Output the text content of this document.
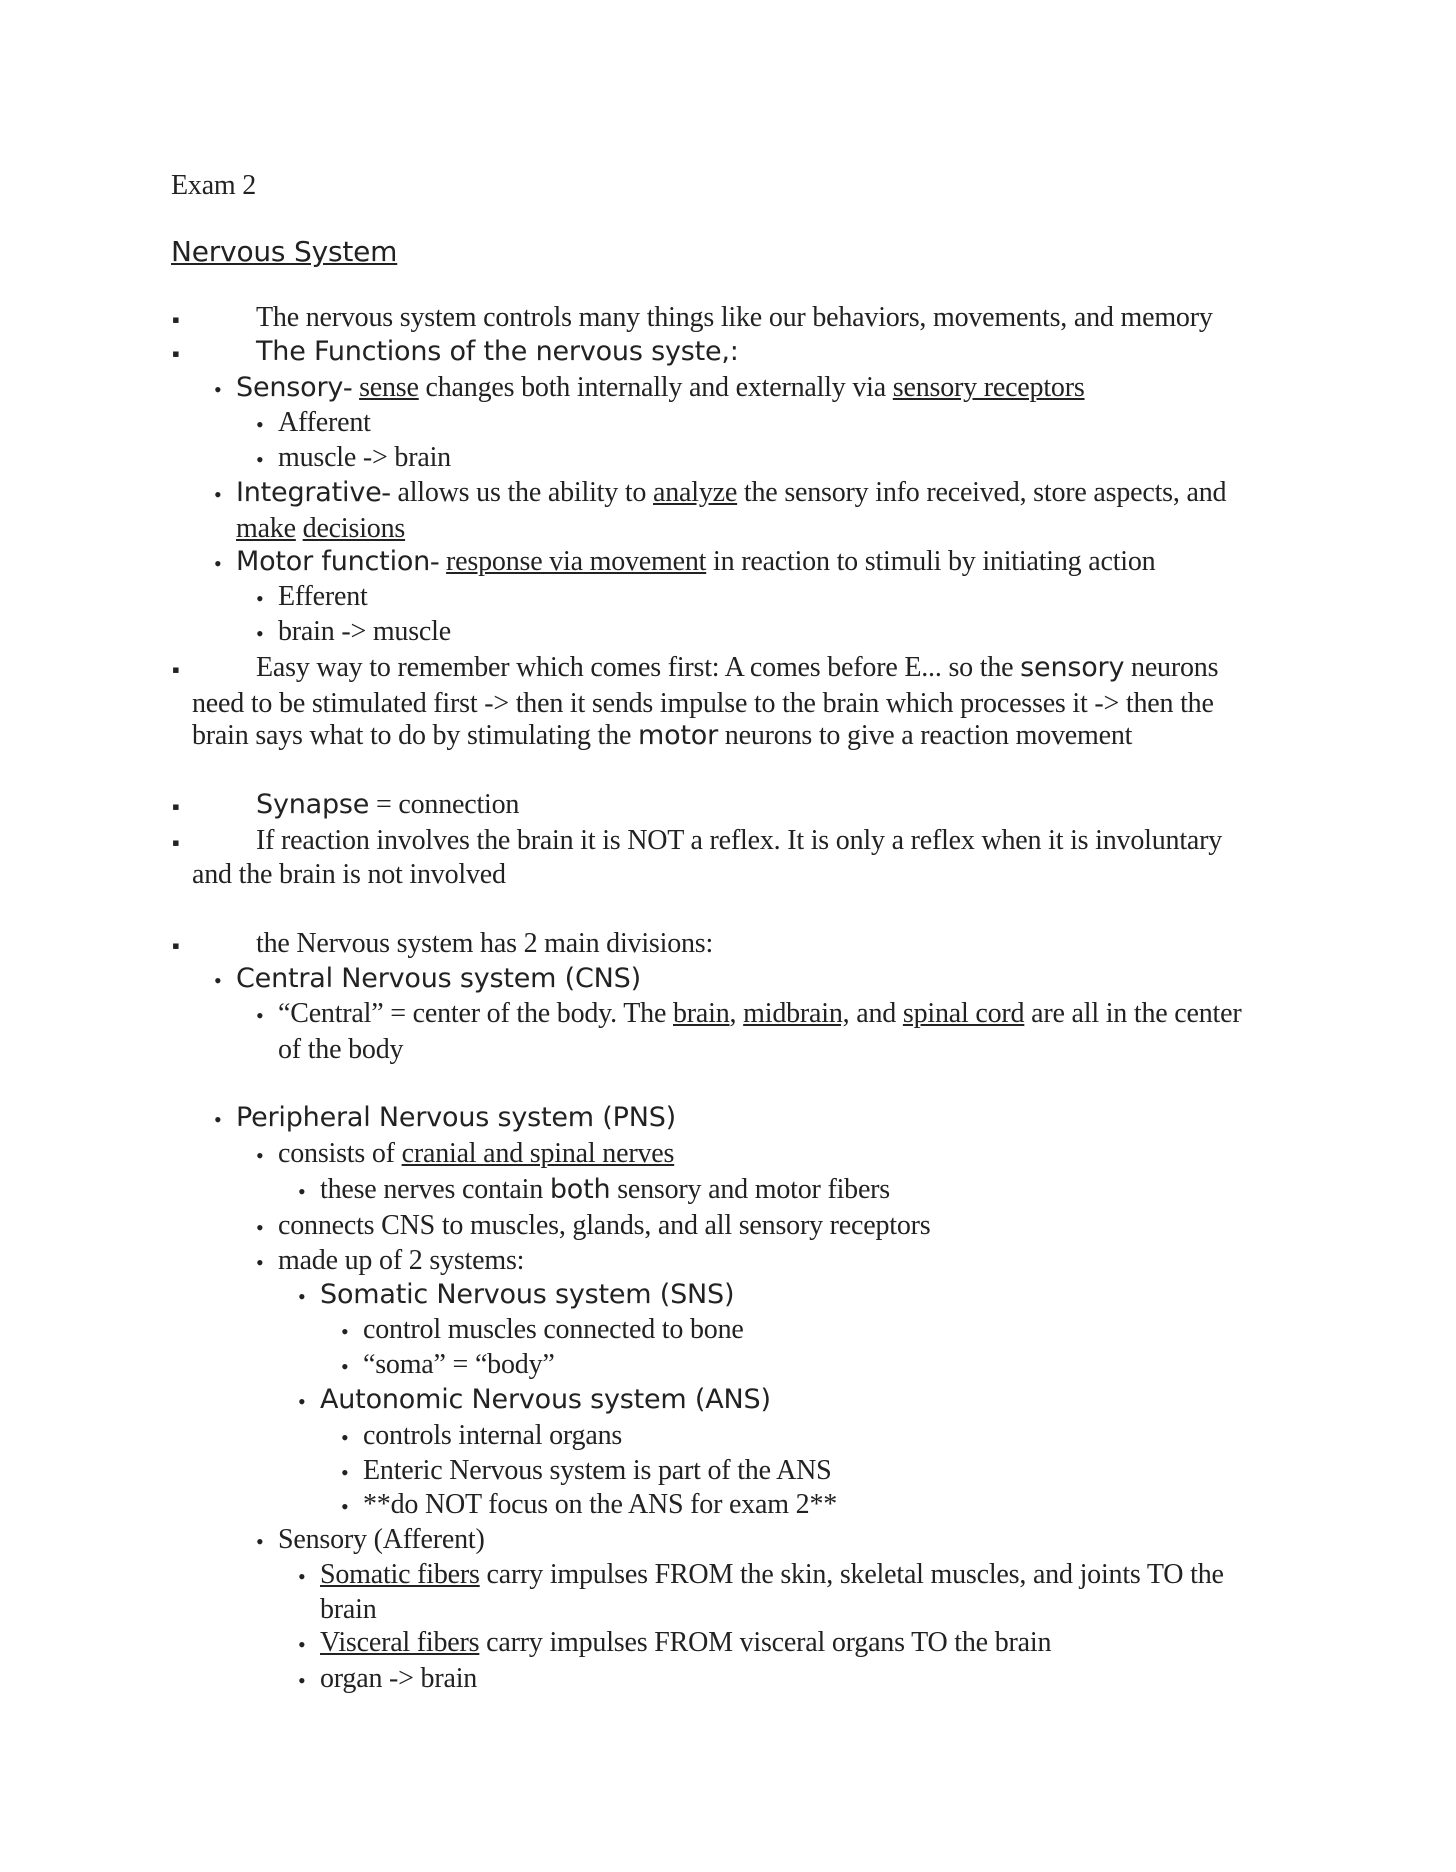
Exam 2
Nervous System
▪	The nervous system controls many things like our behaviors, movements, and memory
▪	The Functions of the nervous syste,:
• Sensory- sense changes both internally and externally via sensory receptors
• Afferent
• muscle -> brain
• Integrative- allows us the ability to analyze the sensory info received, store aspects, and
make decisions
• Motor function- response via movement in reaction to stimuli by initiating action
• Efferent
• brain -> muscle
▪	Easy way to remember which comes first: A comes before E... so the sensory neurons
need to be stimulated first -> then it sends impulse to the brain which processes it -> then the
brain says what to do by stimulating the motor neurons to give a reaction movement
▪	Synapse = connection
▪	If reaction involves the brain it is NOT a reflex. It is only a reflex when it is involuntary
and the brain is not involved
▪	the Nervous system has 2 main divisions:
• Central Nervous system (CNS)
• “Central” = center of the body. The brain, midbrain, and spinal cord are all in the center
of the body
• Peripheral Nervous system (PNS)
• consists of cranial and spinal nerves
• these nerves contain both sensory and motor fibers
• connects CNS to muscles, glands, and all sensory receptors
• made up of 2 systems:
• Somatic Nervous system (SNS)
• control muscles connected to bone
• “soma” = “body”
• Autonomic Nervous system (ANS)
• controls internal organs
• Enteric Nervous system is part of the ANS
• **do NOT focus on the ANS for exam 2**
• Sensory (Afferent)
• Somatic fibers carry impulses FROM the skin, skeletal muscles, and joints TO the
brain
• Visceral fibers carry impulses FROM visceral organs TO the brain
• organ -> brain
